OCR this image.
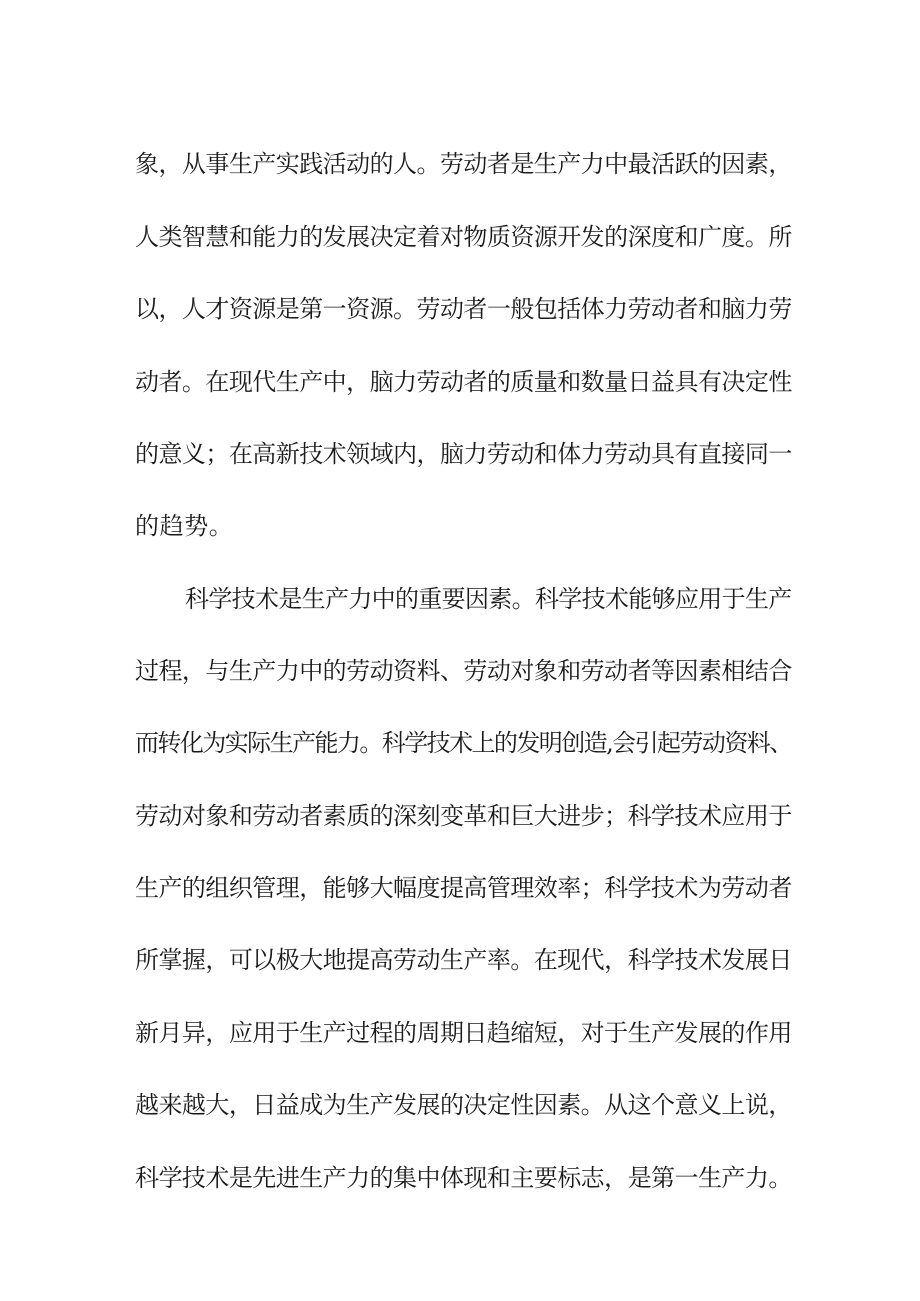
象，从事生产实践活动的人。劳动者是生产力中最活跃的因素，
人类智慧和能力的发展决定着对物质资源开发的深度和广度。所
以，人才资源是第一资源。劳动者一般包括体力劳动者和脑力劳
动者。在现代生产中，脑力劳动者的质量和数量日益具有决定性
的意义；在高新技术领域内，脑力劳动和体力劳动具有直接同一
的趋势。
科学技术是生产力中的重要因素。科学技术能够应用于生产
过程，与生产力中的劳动资料、劳动对象和劳动者等因素相结合
而转化为实际生产能力。科学技术上的发明创造,会引起劳动资料、
劳动对象和劳动者素质的深刻变革和巨大进步；科学技术应用于
生产的组织管理，能够大幅度提高管理效率；科学技术为劳动者
所掌握，可以极大地提高劳动生产率。在现代，科学技术发展日
新月异，应用于生产过程的周期日趋缩短，对于生产发展的作用
越来越大，日益成为生产发展的决定性因素。从这个意义上说，
科学技术是先进生产力的集中体现和主要标志，是第一生产力。
